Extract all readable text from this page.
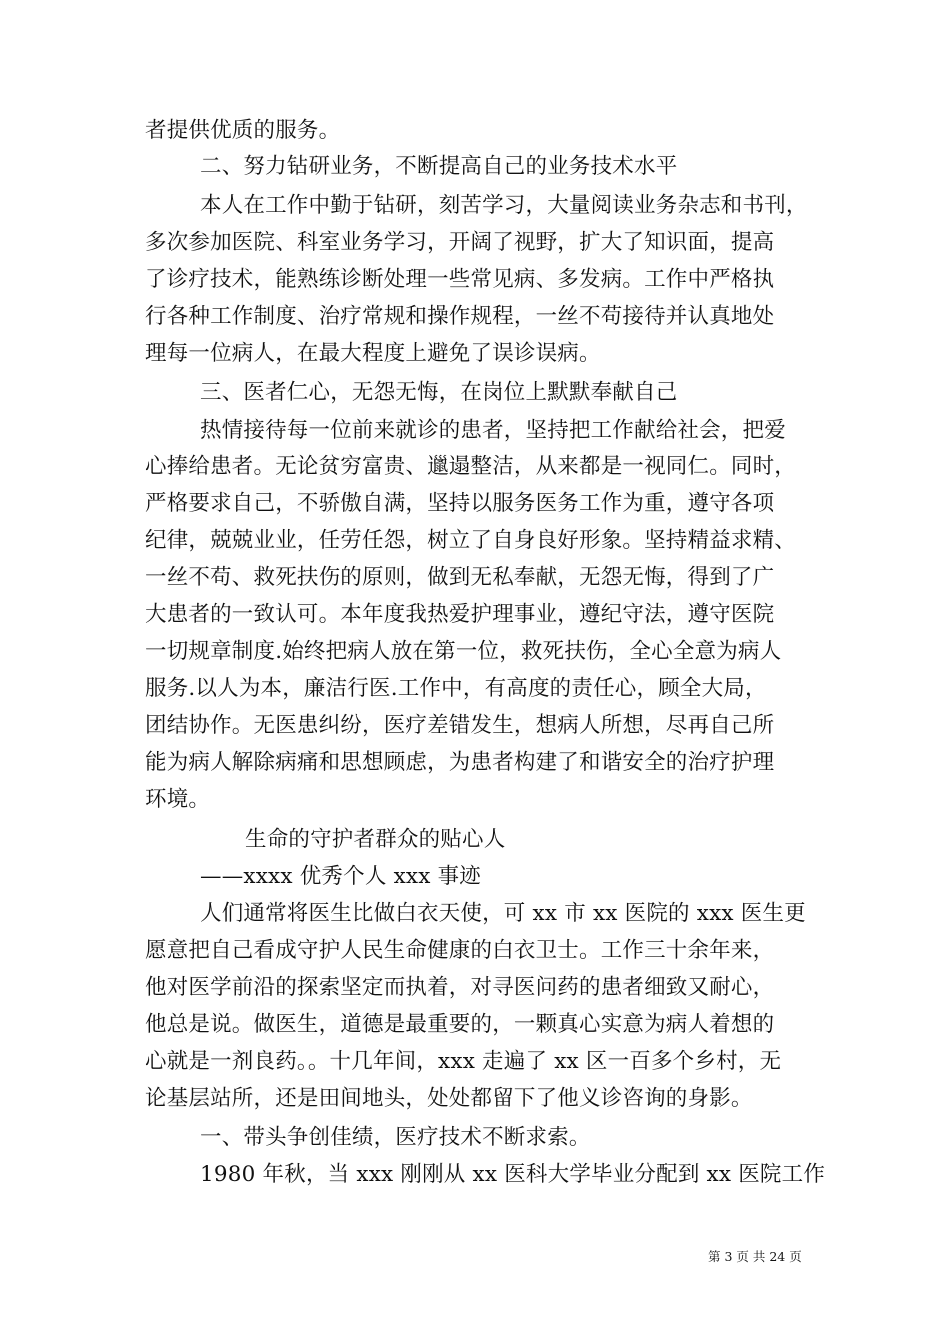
者提供优质的服务。
二、努力钻研业务，不断提高自己的业务技术水平
本人在工作中勤于钻研，刻苦学习，大量阅读业务杂志和书刊，
多次参加医院、科室业务学习，开阔了视野，扩大了知识面，提高
了诊疗技术，能熟练诊断处理一些常见病、多发病。工作中严格执
行各种工作制度、治疗常规和操作规程，一丝不苟接待并认真地处
理每一位病人，在最大程度上避免了误诊误病。
三、医者仁心，无怨无悔，在岗位上默默奉献自己
热情接待每一位前来就诊的患者，坚持把工作献给社会，把爱
心捧给患者。无论贫穷富贵、邋遢整洁，从来都是一视同仁。同时，
严格要求自己，不骄傲自满，坚持以服务医务工作为重，遵守各项
纪律，兢兢业业，任劳任怨，树立了自身良好形象。坚持精益求精、
一丝不苟、救死扶伤的原则，做到无私奉献，无怨无悔，得到了广
大患者的一致认可。本年度我热爱护理事业，遵纪守法，遵守医院
一切规章制度.始终把病人放在第一位，救死扶伤，全心全意为病人
服务.以人为本，廉洁行医.工作中，有高度的责任心，顾全大局，
团结协作。无医患纠纷，医疗差错发生，想病人所想，尽再自己所
能为病人解除病痛和思想顾虑，为患者构建了和谐安全的治疗护理
环境。
生命的守护者群众的贴心人
——xxxx 优秀个人 xxx 事迹
人们通常将医生比做白衣天使，可 xx 市 xx 医院的 xxx 医生更
愿意把自己看成守护人民生命健康的白衣卫士。工作三十余年来，
他对医学前沿的探索坚定而执着，对寻医问药的患者细致又耐心，
他总是说。做医生，道德是最重要的，一颗真心实意为病人着想的
心就是一剂良药。。十几年间，xxx 走遍了 xx 区一百多个乡村，无
论基层站所，还是田间地头，处处都留下了他义诊咨询的身影。
一、带头争创佳绩，医疗技术不断求索。
1980 年秋，当 xxx 刚刚从 xx 医科大学毕业分配到 xx 医院工作
第 3 页 共 24 页
